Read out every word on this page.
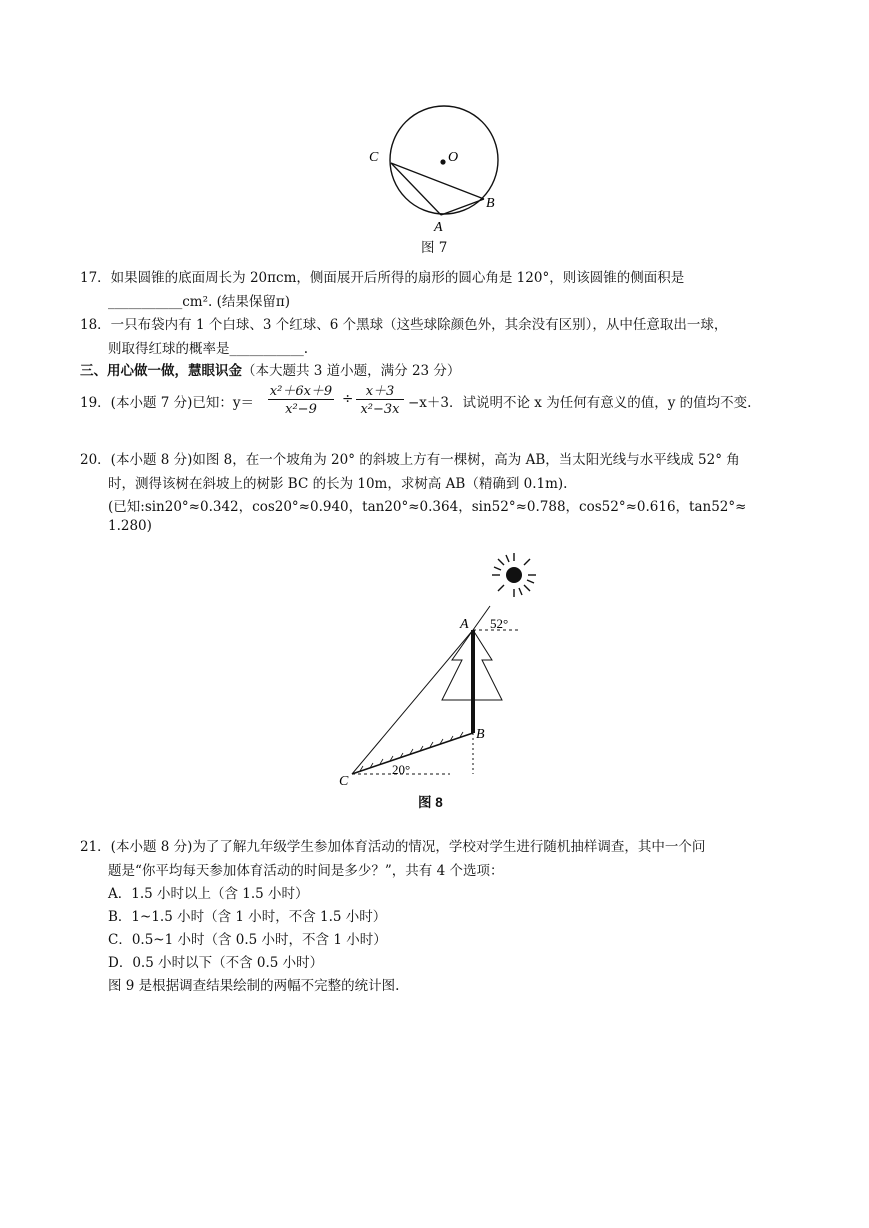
C	O
A
B
图 7
17．如果圆锥的底面周长为 20πcm，侧面展开后所得的扇形的圆心角是 120°，则该圆锥的侧面积是
___________cm². (结果保留π)
18．一只布袋内有 1 个白球、3 个红球、6 个黑球（这些球除颜色外，其余没有区别），从中任意取出一球，
则取得红球的概率是___________.
三、用心做一做，慧眼识金（本大题共 3 道小题，满分 23 分）
19．(本小题 7 分)已知：y＝
x²＋6x＋9
x²−9
÷ x＋3
x²−3x −x＋3．试说明不论 x 为任何有意义的值，y 的值均不变.
20．(本小题 8 分)如图 8，在一个坡角为 20° 的斜坡上方有一棵树，高为 AB，当太阳光线与水平线成 52° 角
时，测得该树在斜坡上的树影 BC 的长为 10m，求树高 AB（精确到 0.1m).
(已知:sin20°≈0.342，cos20°≈0.940，tan20°≈0.364，sin52°≈0.788，cos52°≈0.616，tan52°≈
1.280)
A
B
C
52°
20°
图 8
21．(本小题 8 分)为了了解九年级学生参加体育活动的情况，学校对学生进行随机抽样调查，其中一个问
题是“你平均每天参加体育活动的时间是多少？”，共有 4 个选项：
A．1.5 小时以上（含 1.5 小时）
B．1~1.5 小时（含 1 小时，不含 1.5 小时）
C．0.5~1 小时（含 0.5 小时，不含 1 小时）
D．0.5 小时以下（不含 0.5 小时）
图 9 是根据调查结果绘制的两幅不完整的统计图.
